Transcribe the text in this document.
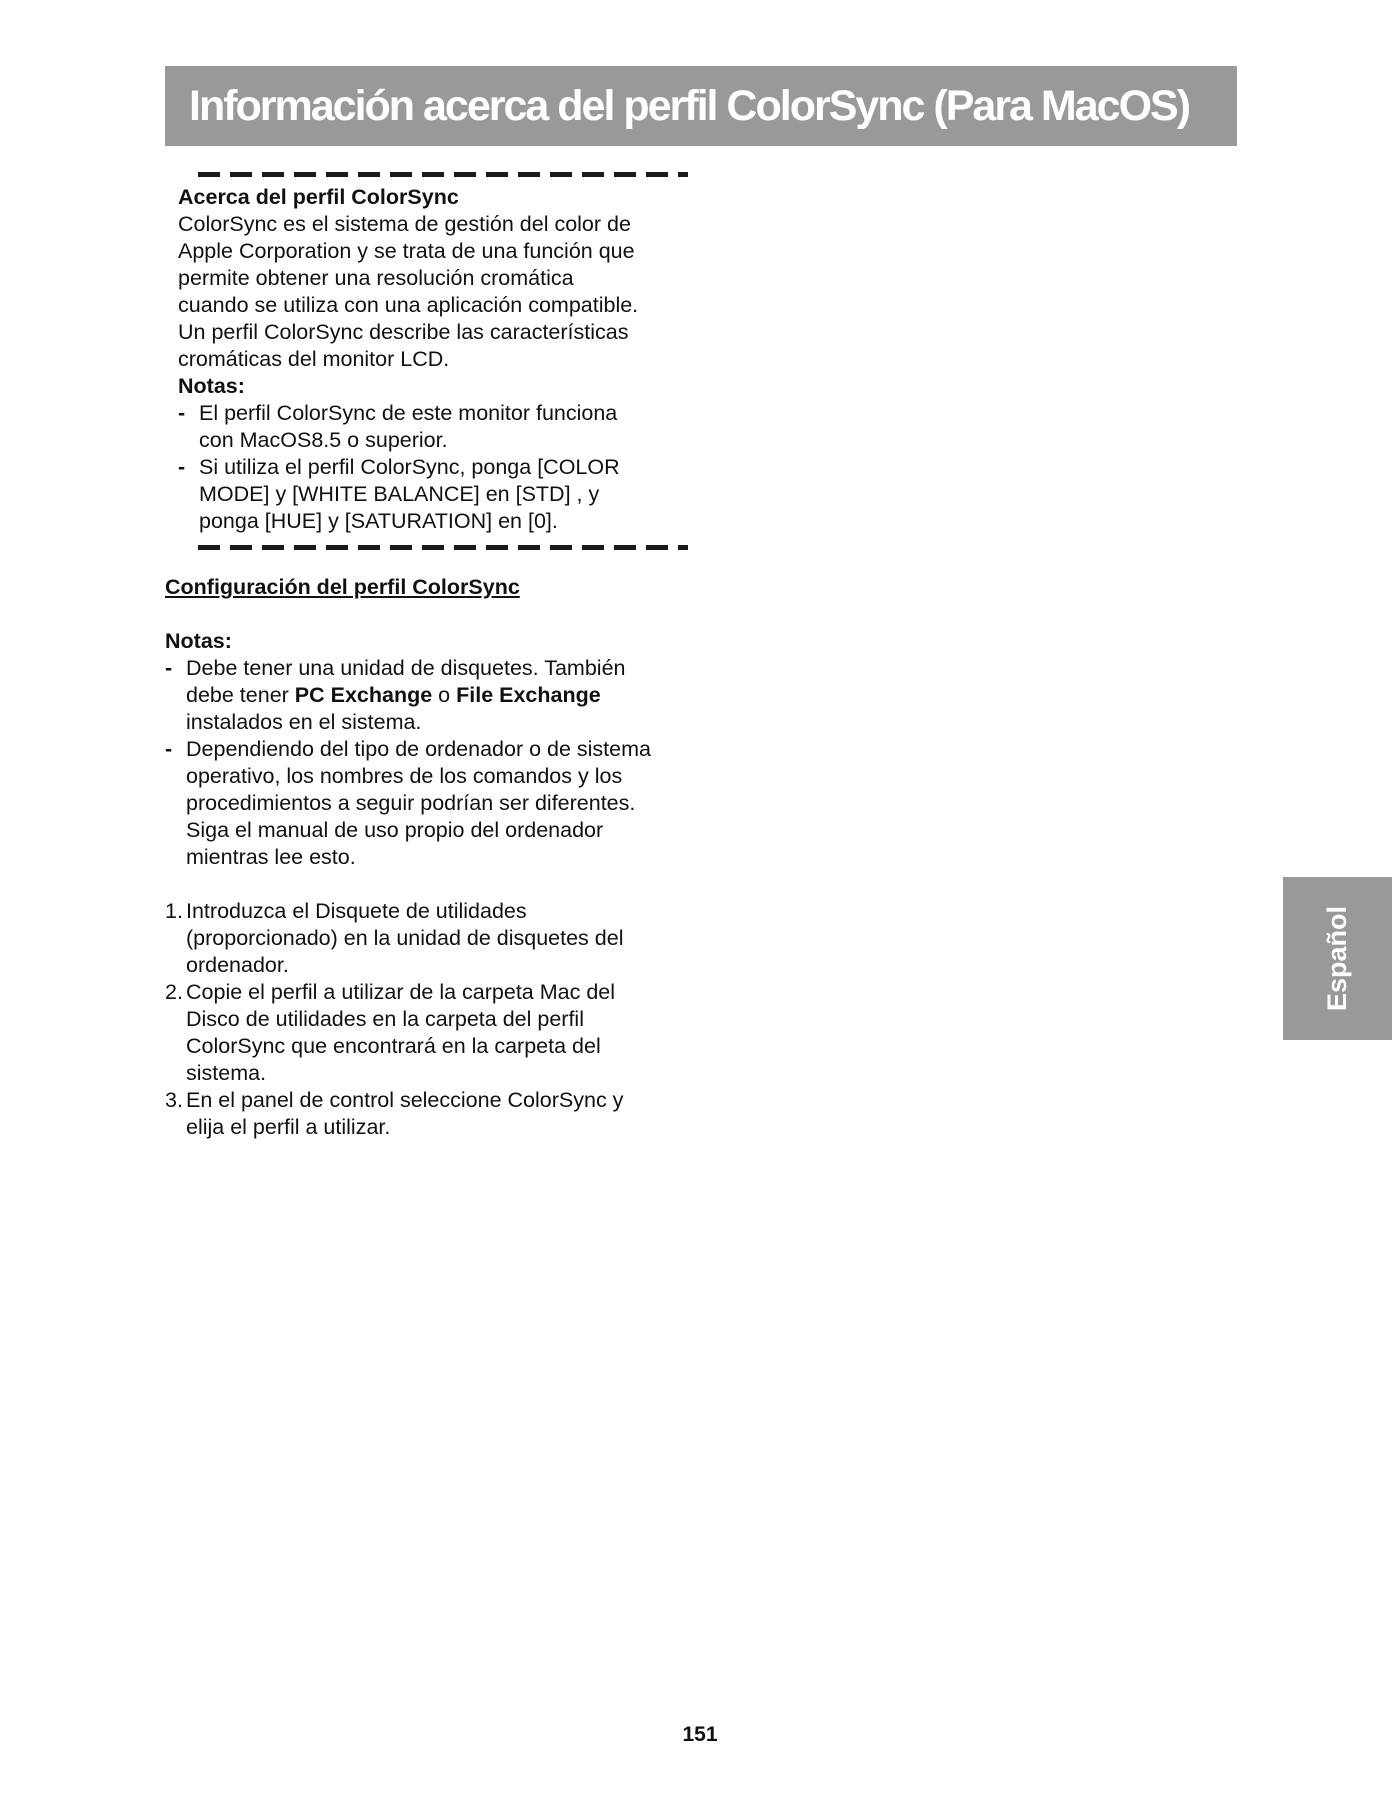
Información acerca del perfil ColorSync (Para MacOS)

Acerca del perfil ColorSync

ColorSync es el sistema de gestión del color de

Apple Corporation y se trata de una función que

permite obtener una resolución cromática

cuando se utiliza con una aplicación compatible.

Un perfil ColorSync describe las características

cromáticas del monitor LCD.

Notas:

- El perfil ColorSync de este monitor funciona

con MacOS8.5 o superior.

- Si utiliza el perfil ColorSync, ponga [COLOR

MODE] y [WHITE BALANCE] en [STD] , y

ponga [HUE] y [SATURATION] en [0].

Configuración del perfil ColorSync

Notas:

- Debe tener una unidad de disquetes. También

debe tener PC Exchange o File Exchange

instalados en el sistema.

- Dependiendo del tipo de ordenador o de sistema

operativo, los nombres de los comandos y los

procedimientos a seguir podrían ser diferentes.

Siga el manual de uso propio del ordenador

mientras lee esto.

1. Introduzca el Disquete de utilidades

(proporcionado) en la unidad de disquetes del

ordenador.

2. Copie el perfil a utilizar de la carpeta Mac del

Disco de utilidades en la carpeta del perfil

ColorSync que encontrará en la carpeta del

sistema.

3. En el panel de control seleccione ColorSync y

elija el perfil a utilizar.

Español
151
